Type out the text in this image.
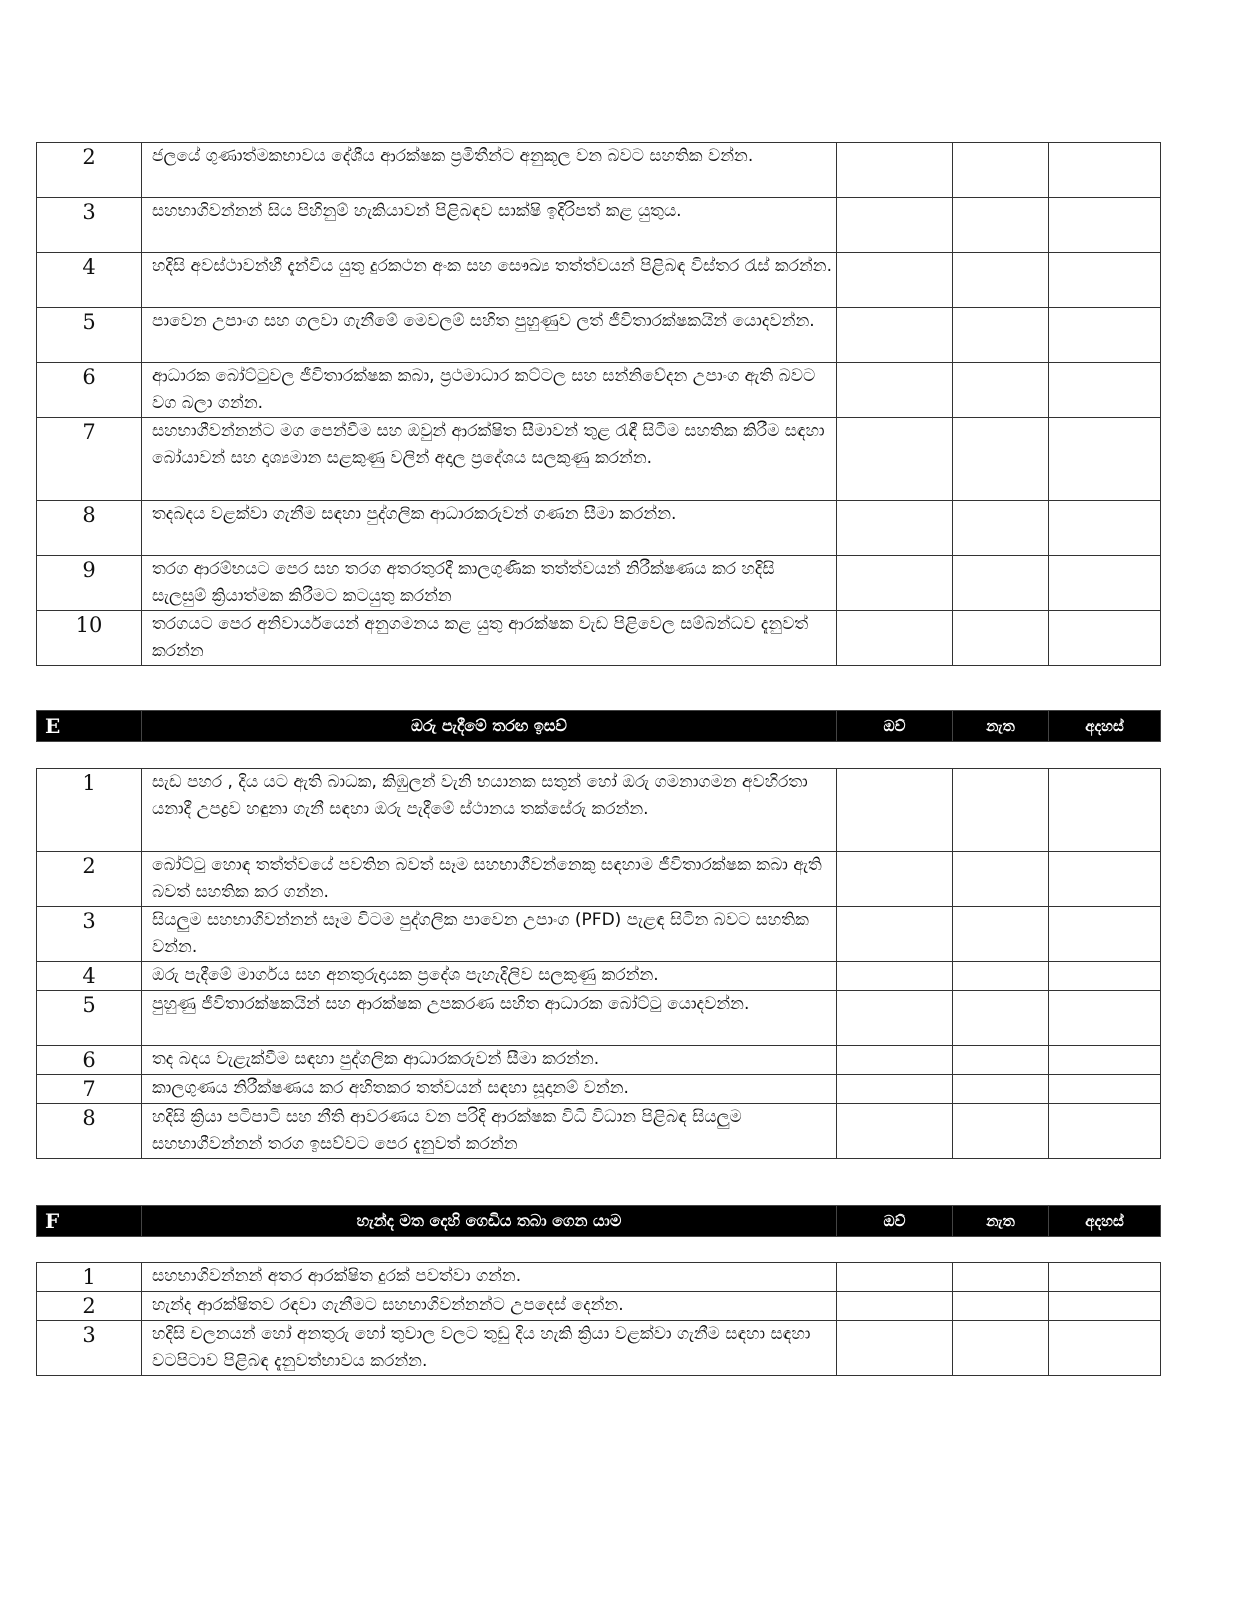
2	ජලයේ ගුණාත්මකභාවය දේශීය ආරක්ෂක ප්‍රමිතීන්ට අනුකූල වන බවට සහතික වන්න.			
3	සහභාගිවන්නන් සිය පිහිනුම් හැකියාවන් පිළිබඳව සාක්ෂි ඉදිරිපත් කළ යුතුය.			
4	හදිසි අවස්ථාවන්හී දැන්විය යුතු දුරකථන අංක සහ සෞඛ්‍ය තත්ත්වයන් පිළිබඳ විස්තර රැස් කරන්න.			
5	පාවෙන උපාංග සහ ගලවා ගැනීමේ මෙවලම් සහිත පුහුණුව ලත් ජීවිතාරක්ෂකයින් යොදවන්න.			
6	ආධාරක බෝට්ටුවල ජීවිතාරක්ෂක කබා, ප්‍රථමාධාර කට්ටල සහ සන්නිවේදන උපාංග ඇති බවට වග බලා ගන්න.			
7	සහභාගීවන්නන්ට මග පෙන්වීම සහ ඔවුන් ආරක්ෂිත සීමාවන් තුළ රැඳී සිටීම සහතික කිරීම සඳහා බෝයාවන් සහ දෘශ්‍යමාන සළකුණු වලින් අදාල ප්‍රදේශය සලකුණු කරන්න.			
8	තදබදය වළක්වා ගැනීම සඳහා පුද්ගලික ආධාරකරුවන් ගණන සීමා කරන්න.			
9	තරග ආරම්භයට පෙර සහ තරග අතරතුරදී කාලගුණික තත්ත්වයන් නිරීක්ෂණය කර හදිසි සැලසුම් ක්‍රියාත්මක කිරීමට කටයුතු කරන්න			
10	තරගයට පෙර අනිවාර්යයෙන් අනුගමනය කළ යුතු ආරක්ෂක වැඩ පිළිවෙල සම්බන්ධව දැනුවත් කරන්න			
E	ඔරු පැදීමේ තරඟ ඉසව්	ඔව්	නැත	අදහස්
1	සැඩ පහර , දිය යට ඇති බාධක, කිඹුලන් වැනි භයානක සතුන් හෝ ඔරු ගමනාගමන අවහිරතා යනාදී උපද්‍රව හඳුනා ගැනී සඳහා ඔරු පැදීමේ ස්ථානය තක්සේරු කරන්න.			
2	බෝට්ටු හොඳ තත්ත්වයේ පවතින බවත් සෑම සහභාගීවන්නෙකු සඳහාම ජීවිතාරක්ෂක කබා ඇති බවත් සහතික කර ගන්න.			
3	සියලුම සහභාගිවන්නන් සෑම විටම පුද්ගලික පාවෙන උපාංග (PFD) පැළඳ සිටින බවට සහතික වන්න.			
4	ඔරු පැදීමේ මාර්ගය සහ අනතුරුදායක ප්‍රදේශ පැහැදිලිව සලකුණු කරන්න.			
5	පුහුණු ජීවිතාරක්ෂකයින් සහ ආරක්ෂක උපකරණ සහිත ආධාරක බෝට්ටු යොදවන්න.			
6	තද බදය වැළැක්වීම සඳහා පුද්ගලික ආධාරකරුවන් සීමා කරන්න.			
7	කාලගුණය නිරීක්ෂණය කර අහිතකර තත්වයන් සඳහා සූදානම් වන්න.			
8	හදිසි ක්‍රියා පටිපාටි සහ නීති ආවරණය වන පරිදි ආරක්ෂක විධි විධාන පිළිබඳ සියලුම සහභාගීවන්නන් තරග ඉසව්වට පෙර දැනුවත් කරන්න			
F	හැන්ද මත දෙහි ගෙඩිය තබා ගෙන යාම	ඔව්	නැත	අදහස්
1	සහභාගිවන්නන් අතර ආරක්ෂිත දුරක් පවත්වා ගන්න.			
2	හැන්ද ආරක්ෂිතව රඳවා ගැනීමට සහභාගිවන්නන්ට උපදෙස් දෙන්න.			
3	හදිසි චලනයන් හෝ අනතුරු හෝ තුවාල වලට තුඩු දිය හැකි ක්‍රියා වළක්වා ගැනීම සඳහා සඳහා වටපිටාව පිළිබඳ දැනුවත්භාවය කරන්න.			
